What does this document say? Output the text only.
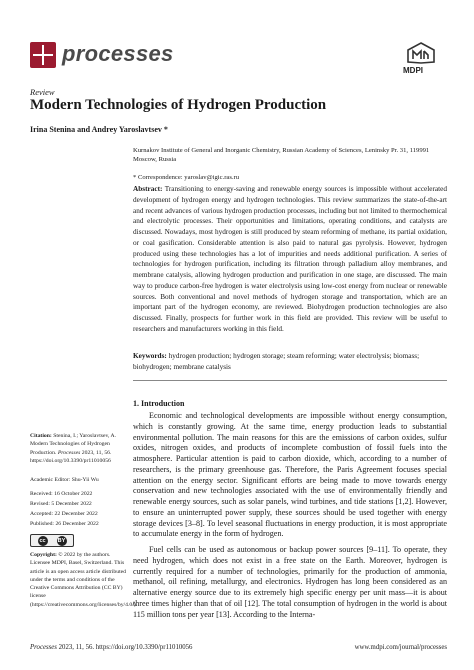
processes
MDPI
Review
Modern Technologies of Hydrogen Production
Irina Stenina and Andrey Yaroslavtsev *
Kurnakov Institute of General and Inorganic Chemistry, Russian Academy of Sciences, Leninsky Pr. 31, 119991 Moscow, Russia
* Correspondence: yaroslav@igic.ras.ru

Abstract: Transitioning to energy-saving and renewable energy sources is impossible without accelerated development of hydrogen energy and hydrogen technologies. This review summarizes the state-of-the-art and recent advances of various hydrogen production processes, including but not limited to thermochemical and electrolytic processes. Their opportunities and limitations, operating conditions, and catalysts are discussed. Nowadays, most hydrogen is still produced by steam reforming of methane, its partial oxidation, or coal gasification. Considerable attention is also paid to natural gas pyrolysis. However, hydrogen produced using these technologies has a lot of impurities and needs additional purification. A series of technologies for hydrogen purification, including its filtration through palladium alloy membranes, and membrane catalysis, allowing hydrogen production and purification in one stage, are discussed. The main way to produce carbon-free hydrogen is water electrolysis using low-cost energy from nuclear or renewable sources. Both conventional and novel methods of hydrogen storage and transportation, which are an important part of the hydrogen economy, are reviewed. Biohydrogen production technologies are also discussed. Finally, prospects for further work in this field are provided. This review will be useful to researchers and manufacturers working in this field.

Keywords: hydrogen production; hydrogen storage; steam reforming; water electrolysis; biomass; biohydrogen; membrane catalysis

Citation: Stenina, I.; Yaroslavtsev, A. Modern Technologies of Hydrogen Production. Processes 2023, 11, 56. https://doi.org/10.3390/pr11010056
Academic Editor: Shu-Yii Wu
Received: 16 October 2022
Revised: 5 December 2022
Accepted: 22 December 2022
Published: 26 December 2022
cc	BY
Copyright: © 2022 by the authors. Licensee MDPI, Basel, Switzerland. This article is an open access article distributed under the terms and conditions of the Creative Commons Attribution (CC BY) license (https://creativecommons.org/licenses/by/4.0/).
1. Introduction

Economic and technological developments are impossible without energy consumption, which is constantly growing. At the same time, energy production leads to substantial environmental pollution. The main reasons for this are the emissions of carbon oxides, sulfur oxides, nitrogen oxides, and products of incomplete combustion of fossil fuels into the atmosphere. Particular attention is paid to carbon dioxide, which, according to a number of researchers, is the primary greenhouse gas. Therefore, the Paris Agreement focuses special attention on the energy sector. Significant efforts are being made to move towards energy conservation and new technologies associated with the use of environmentally friendly and renewable energy sources, such as solar panels, wind turbines, and tide stations [1,2]. However, to ensure an uninterrupted power supply, these sources should be used together with energy storage devices [3–8]. To level seasonal fluctuations in energy production, it is most appropriate to accumulate energy in the form of hydrogen.

Fuel cells can be used as autonomous or backup power sources [9–11]. To operate, they need hydrogen, which does not exist in a free state on the Earth. Moreover, hydrogen is currently required for a number of technologies, primarily for the production of ammonia, methanol, oil refining, metallurgy, and electronics. Hydrogen has long been considered as an alternative energy source due to its extremely high specific energy per unit mass—it is about three times higher than that of oil [12]. The total consumption of hydrogen in the world is about 115 million tons per year [13]. According to the Interna-

Processes 2023, 11, 56. https://doi.org/10.3390/pr11010056	www.mdpi.com/journal/processes
